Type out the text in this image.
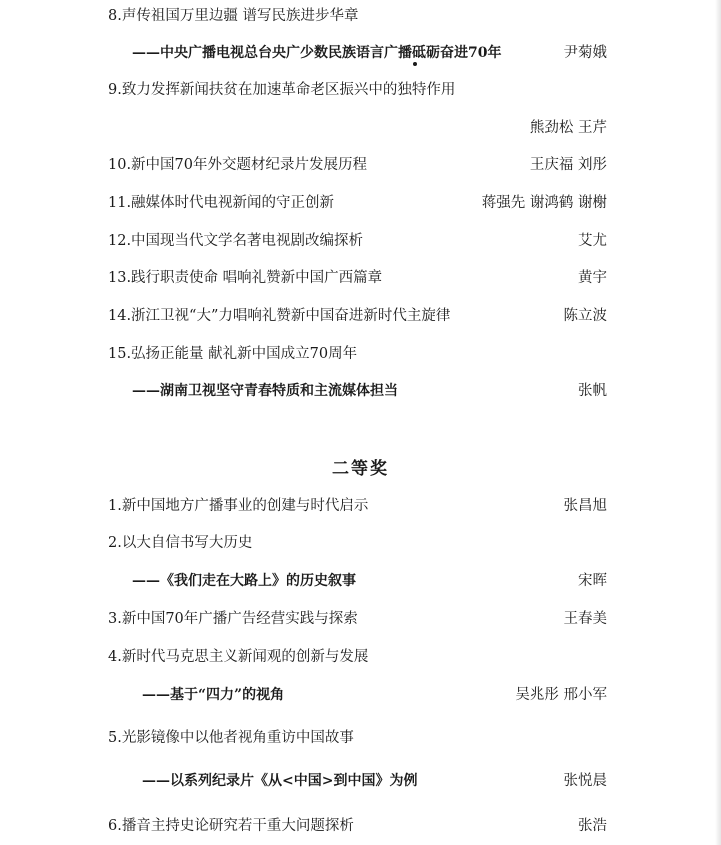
8.声传祖国万里边疆 谱写民族进步华章
——中央广播电视总台央广少数民族语言广播砥砺奋进70年	尹菊娥
9.致力发挥新闻扶贫在加速革命老区振兴中的独特作用
熊劲松 王芹
10.新中国70年外交题材纪录片发展历程	王庆福 刘彤
11.融媒体时代电视新闻的守正创新	蒋强先 谢鸿鹤 谢榭
12.中国现当代文学名著电视剧改编探析	艾尤
13.践行职责使命 唱响礼赞新中国广西篇章	黄宇
14.浙江卫视“大”力唱响礼赞新中国奋进新时代主旋律	陈立波
15.弘扬正能量 献礼新中国成立70周年
——湖南卫视坚守青春特质和主流媒体担当	张帆
二等奖
1.新中国地方广播事业的创建与时代启示	张昌旭
2.以大自信书写大历史
——《我们走在大路上》的历史叙事	宋晖
3.新中国70年广播广告经营实践与探索	王春美
4.新时代马克思主义新闻观的创新与发展
——基于“四力”的视角	吴兆彤 邢小军
5.光影镜像中以他者视角重访中国故事
——以系列纪录片《从<中国>到中国》为例	张悦晨
6.播音主持史论研究若干重大问题探析	张浩
